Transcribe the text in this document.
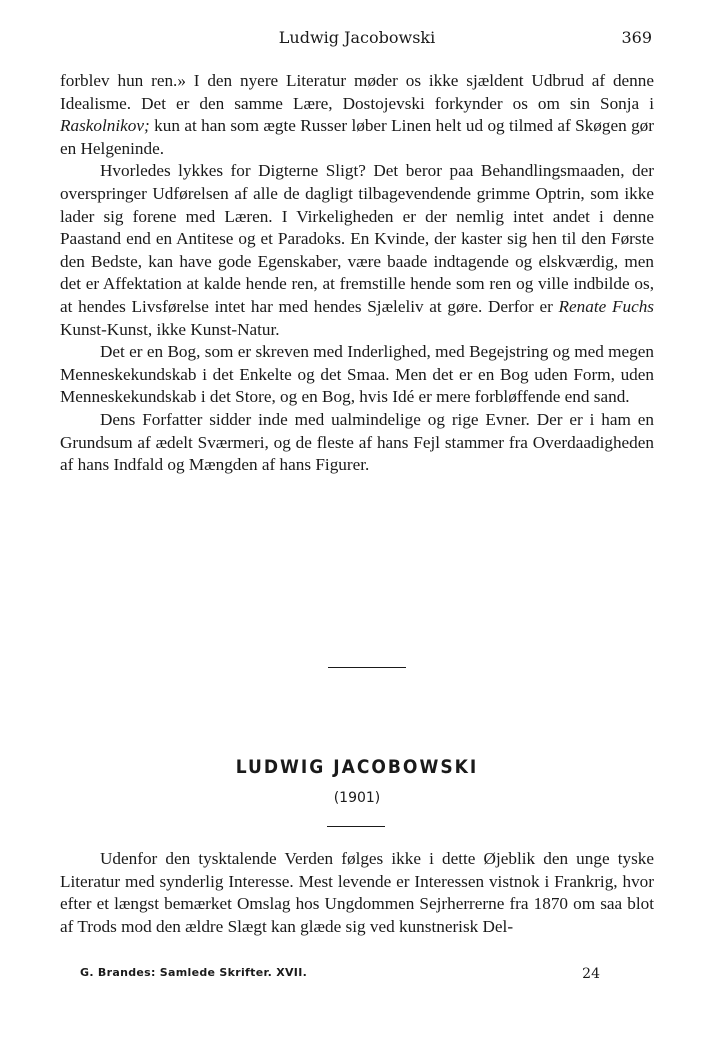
Ludwig Jacobowski	369

forblev hun ren.» I den nyere Literatur møder os ikke sjældent Udbrud af denne Idealisme. Det er den samme Lære, Dostojevski forkynder os om sin Sonja i Raskolnikov; kun at han som ægte Russer løber Linen helt ud og tilmed af Skøgen gør en Helgeninde.

Hvorledes lykkes for Digterne Sligt? Det beror paa Behandlingsmaaden, der overspringer Udførelsen af alle de dagligt tilbagevendende grimme Optrin, som ikke lader sig forene med Læren. I Virkeligheden er der nemlig intet andet i denne Paastand end en Antitese og et Paradoks. En Kvinde, der kaster sig hen til den Første den Bedste, kan have gode Egenskaber, være baade indtagende og elskværdig, men det er Affektation at kalde hende ren, at fremstille hende som ren og ville indbilde os, at hendes Livsførelse intet har med hendes Sjæleliv at gøre. Derfor er Renate Fuchs Kunst-Kunst, ikke Kunst-Natur.

Det er en Bog, som er skreven med Inderlighed, med Begejstring og med megen Menneskekundskab i det Enkelte og det Smaa. Men det er en Bog uden Form, uden Menneskekundskab i det Store, og en Bog, hvis Idé er mere forbløffende end sand.

Dens Forfatter sidder inde med ualmindelige og rige Evner. Der er i ham en Grundsum af ædelt Sværmeri, og de fleste af hans Fejl stammer fra Overdaadigheden af hans Indfald og Mængden af hans Figurer.

LUDWIG JACOBOWSKI
(1901)

Udenfor den tysktalende Verden følges ikke i dette Øjeblik den unge tyske Literatur med synderlig Interesse. Mest levende er Interessen vistnok i Frankrig, hvor efter et længst bemærket Omslag hos Ungdommen Sejrherrerne fra 1870 om saa blot af Trods mod den ældre Slægt kan glæde sig ved kunstnerisk Del-

G. Brandes: Samlede Skrifter. XVII.	24
